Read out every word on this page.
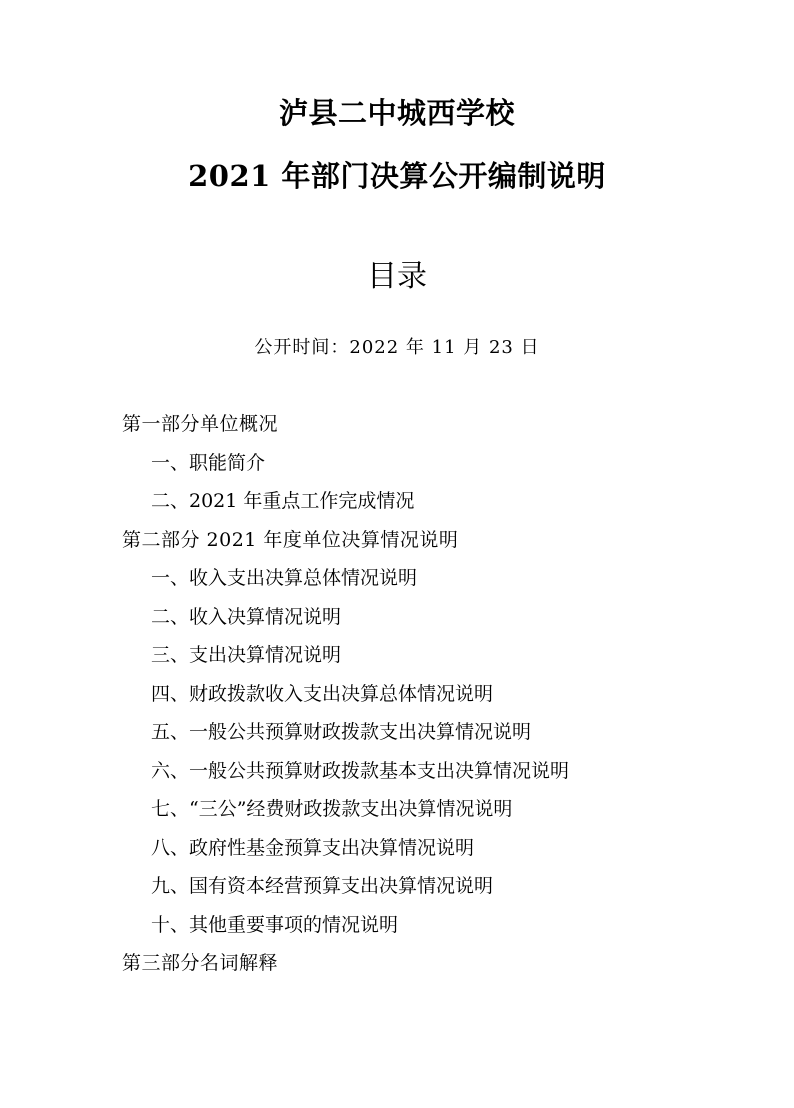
泸县二中城西学校
2021 年部门决算公开编制说明
目录
公开时间：2022 年 11 月 23 日
第一部分单位概况
一、职能简介
二、2021 年重点工作完成情况
第二部分 2021 年度单位决算情况说明
一、收入支出决算总体情况说明
二、收入决算情况说明
三、支出决算情况说明
四、财政拨款收入支出决算总体情况说明
五、一般公共预算财政拨款支出决算情况说明
六、一般公共预算财政拨款基本支出决算情况说明
七、“三公”经费财政拨款支出决算情况说明
八、政府性基金预算支出决算情况说明
九、国有资本经营预算支出决算情况说明
十、其他重要事项的情况说明
第三部分名词解释
